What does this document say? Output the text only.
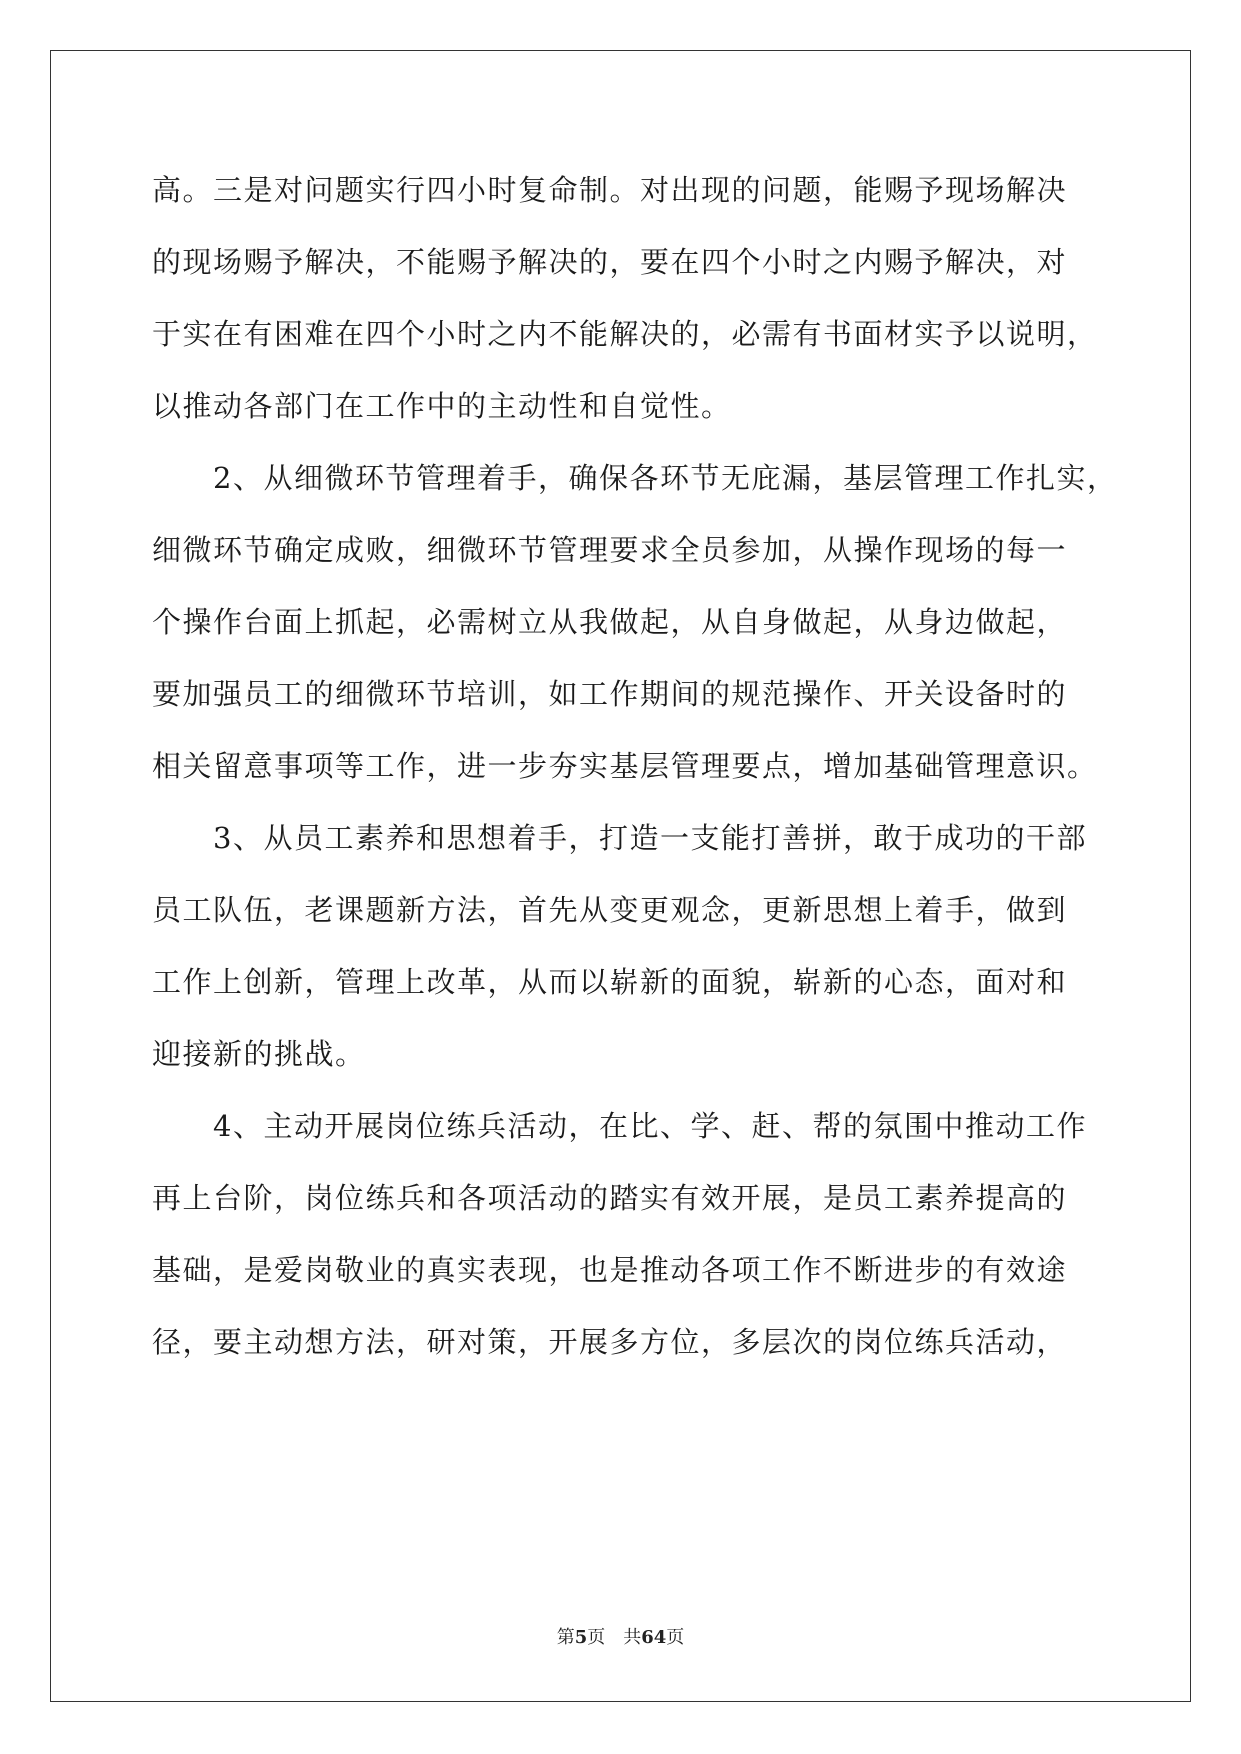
高。三是对问题实行四小时复命制。对出现的问题，能赐予现场解决
的现场赐予解决，不能赐予解决的，要在四个小时之内赐予解决，对
于实在有困难在四个小时之内不能解决的，必需有书面材实予以说明，
以推动各部门在工作中的主动性和自觉性。
　　2、从细微环节管理着手，确保各环节无庇漏，基层管理工作扎实，
细微环节确定成败，细微环节管理要求全员参加，从操作现场的每一
个操作台面上抓起，必需树立从我做起，从自身做起，从身边做起，
要加强员工的细微环节培训，如工作期间的规范操作、开关设备时的
相关留意事项等工作，进一步夯实基层管理要点，增加基础管理意识。
　　3、从员工素养和思想着手，打造一支能打善拼，敢于成功的干部
员工队伍，老课题新方法，首先从变更观念，更新思想上着手，做到
工作上创新，管理上改革，从而以崭新的面貌，崭新的心态，面对和
迎接新的挑战。
　　4、主动开展岗位练兵活动，在比、学、赶、帮的氛围中推动工作
再上台阶，岗位练兵和各项活动的踏实有效开展，是员工素养提高的
基础，是爱岗敬业的真实表现，也是推动各项工作不断进步的有效途
径，要主动想方法，研对策，开展多方位，多层次的岗位练兵活动，
第5页 共64页
